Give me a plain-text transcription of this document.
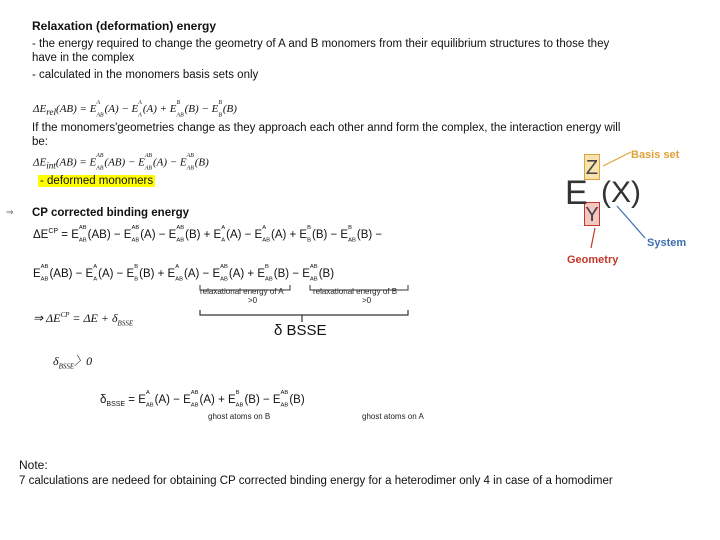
Relaxation (deformation) energy
- the energy required to change the geometry of A and B monomers from their equilibrium structures to those they
have in the complex
- calculated in the monomers basis sets only
$\Delta E_{rel}(AB) = E^A$
$_{AB}(A) - E^A$
$_A(A) + E^B$
$_{AB}(B) - E^B$
$_B$(B)
If the monomers'geometries change as they approach each other annd form the complex, the interaction energy will
be:
$\Delta E_{int}(AB) = E^{AB}$
$_{AB}(AB) - E^{AB}$
$_{AB}(A) - E^{AB}$
$_{AB}$(B)
- deformed monomers
⇒ CP corrected binding energy
$\Delta E^{CP} = E^{AB}$
$_{AB}(AB) - E^{AB}$
$_{AB}(A) - E^{AB}$
$_{AB}(B) + E^A$
$_A(A) - E^A$
$_{AB}(A) + E^B$
$_B(B) - E^B$
$_{AB}$(B) −
$E^{AB}$
$_{AB}(AB) - E^A$
$_A(A) - E^B$
$_B(B) + E^A$
$_{AB}(A) - E^{AB}$
$_{AB}(A) + E^B$
$_{AB}(B) - E^{AB}$
$_{AB}$(B)
relaxational energy of A
>0
relaxational energy of B
>0
δ BSSE
⇒ $\Delta E^{CP} = \Delta E + \delta_{BSSE}$
$\delta_{BSSE}$〉0
$\delta_{BSSE} = E^A$
$_{AB}(A) - E^{AB}$
$_{AB}(A) + E^B$
$_{AB}(B) - E^{AB}$
$_{AB}$(B)
ghost atoms on B	ghost atoms on A
Z
Y
E (X)
Basis set
System
Geometry
Note:
7 calculations are nedeed for obtaining CP corrected binding energy for a heterodimer only 4 in case of a homodimer
